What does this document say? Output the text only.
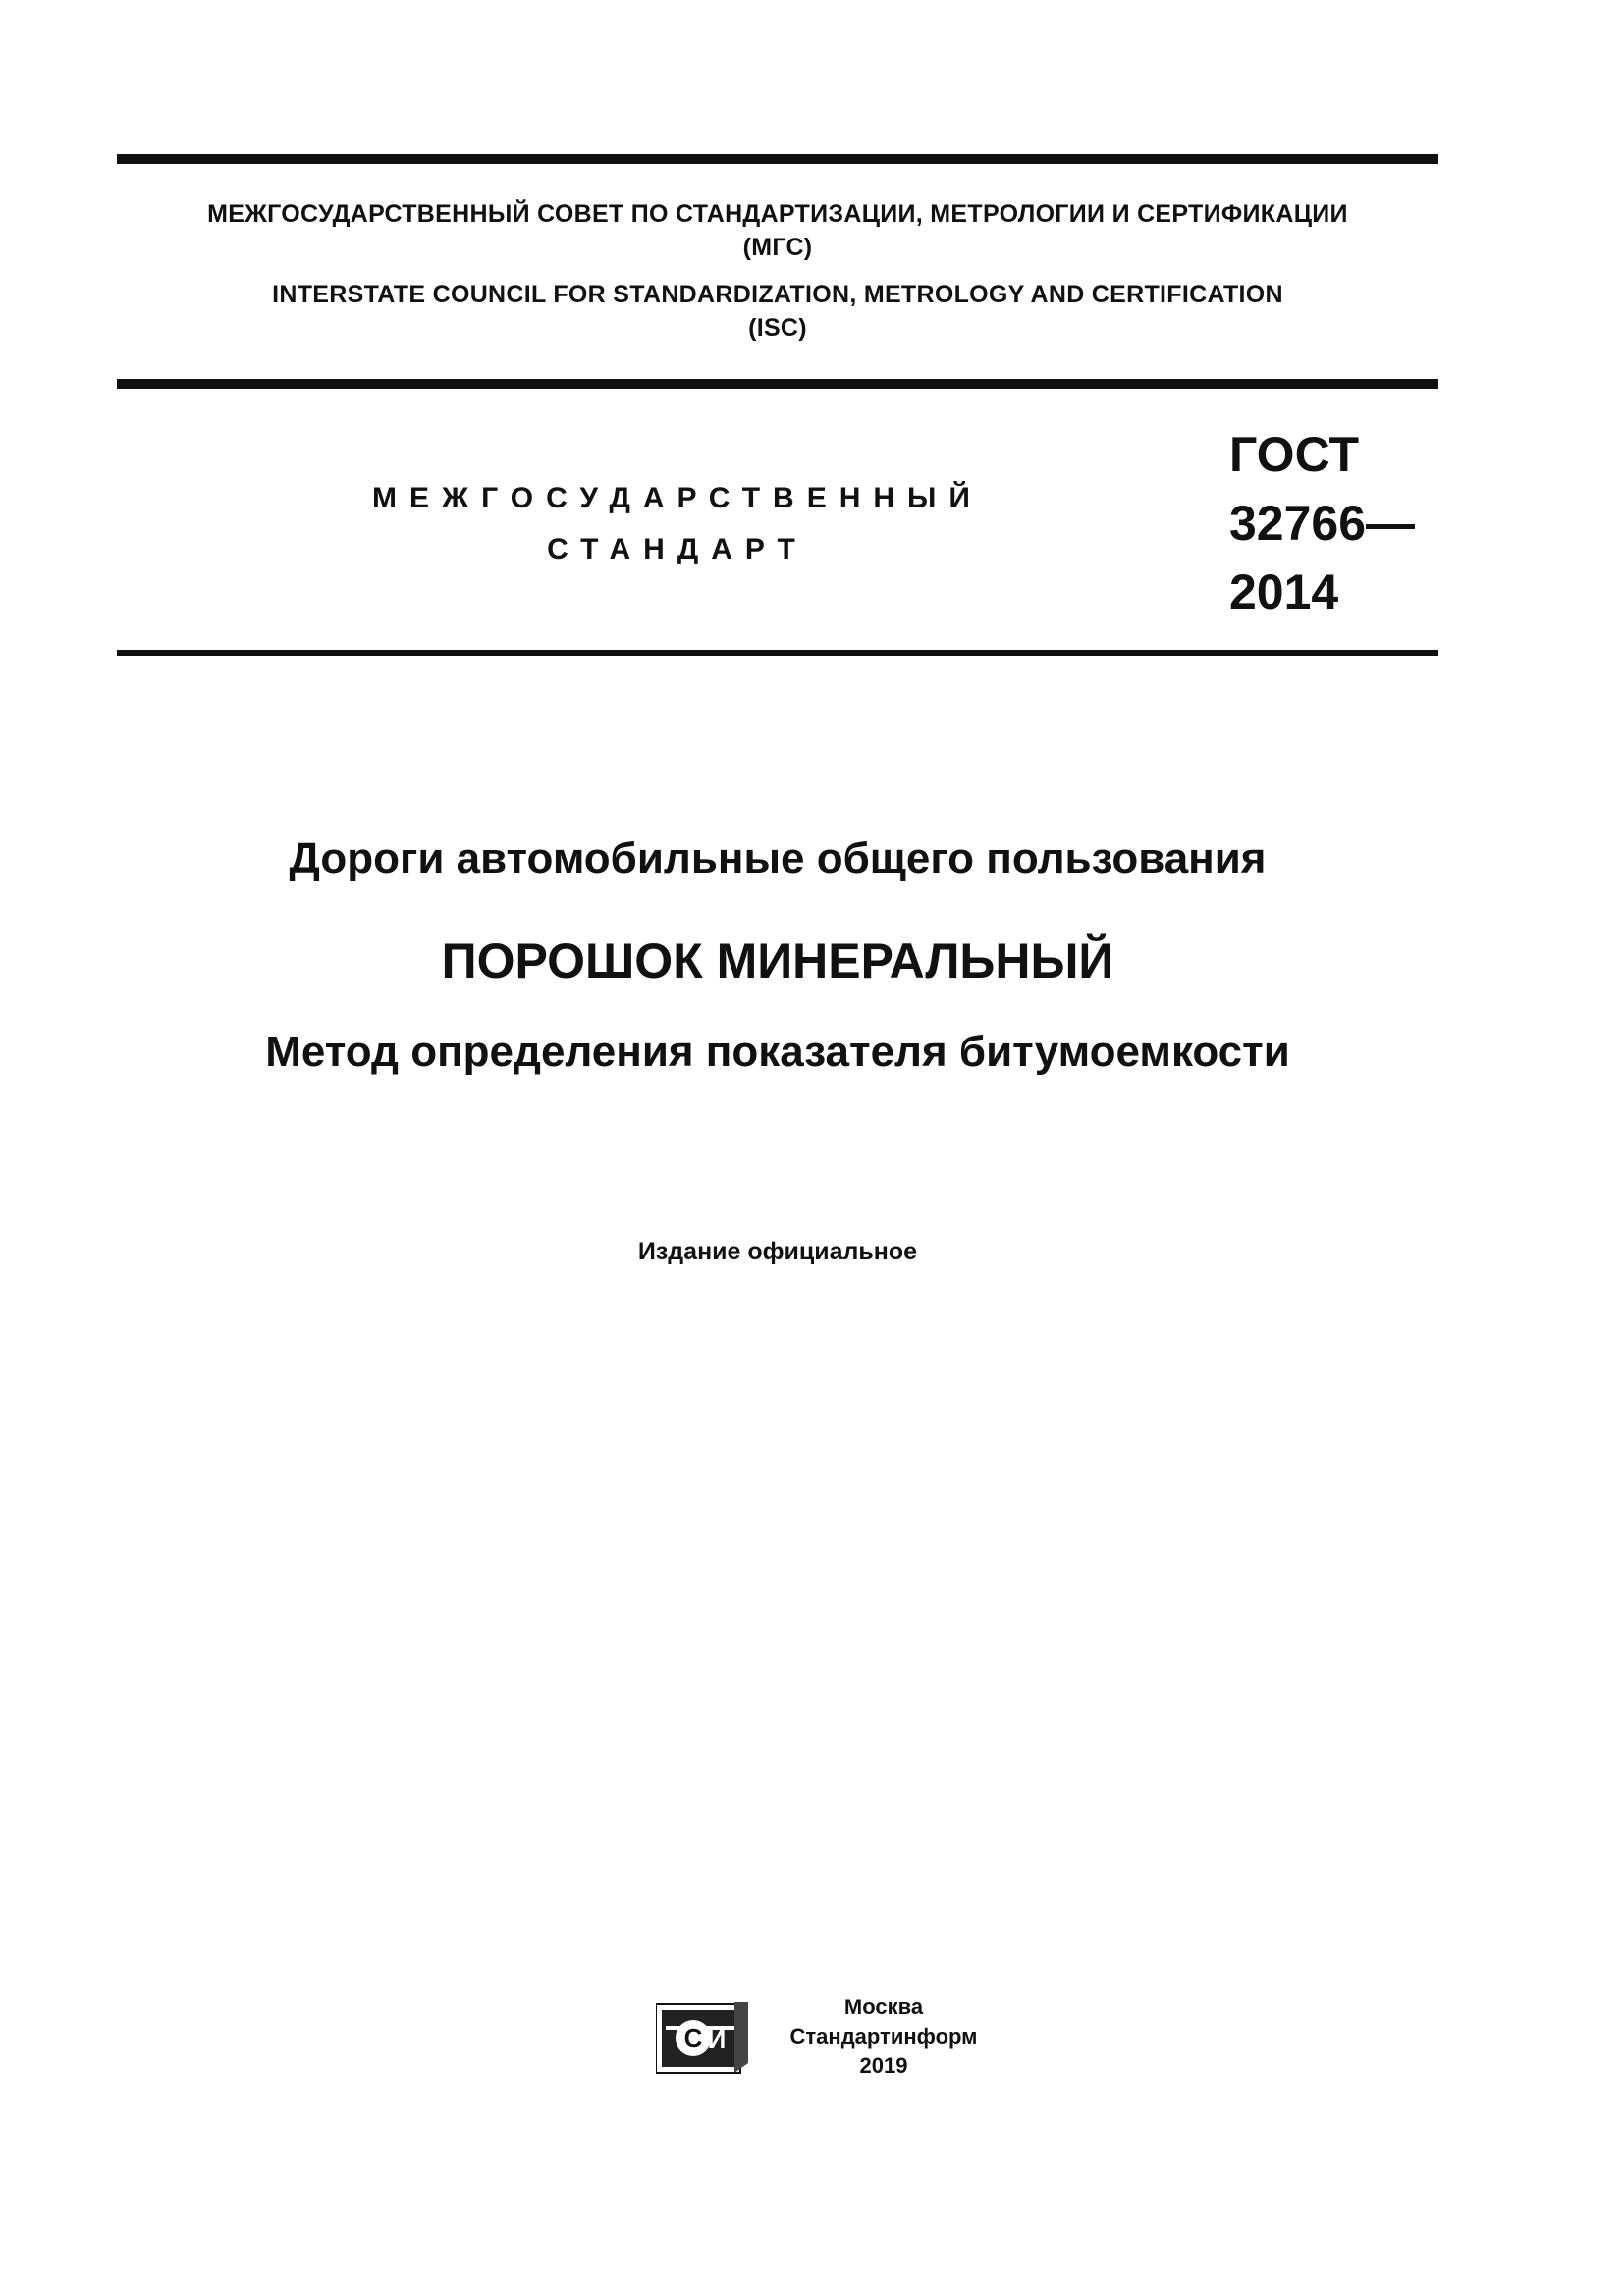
МЕЖГОСУДАРСТВЕННЫЙ СОВЕТ ПО СТАНДАРТИЗАЦИИ, МЕТРОЛОГИИ И СЕРТИФИКАЦИИ
(МГС)
INTERSTATE COUNCIL FOR STANDARDIZATION, METROLOGY AND CERTIFICATION
(ISC)
МЕЖГОСУДАРСТВЕННЫЙ
СТАНДАРТ
ГОСТ
32766—
2014
Дороги автомобильные общего пользования
ПОРОШОК МИНЕРАЛЬНЫЙ
Метод определения показателя битумоемкости
Издание официальное
С И
Москва
Стандартинформ
2019
